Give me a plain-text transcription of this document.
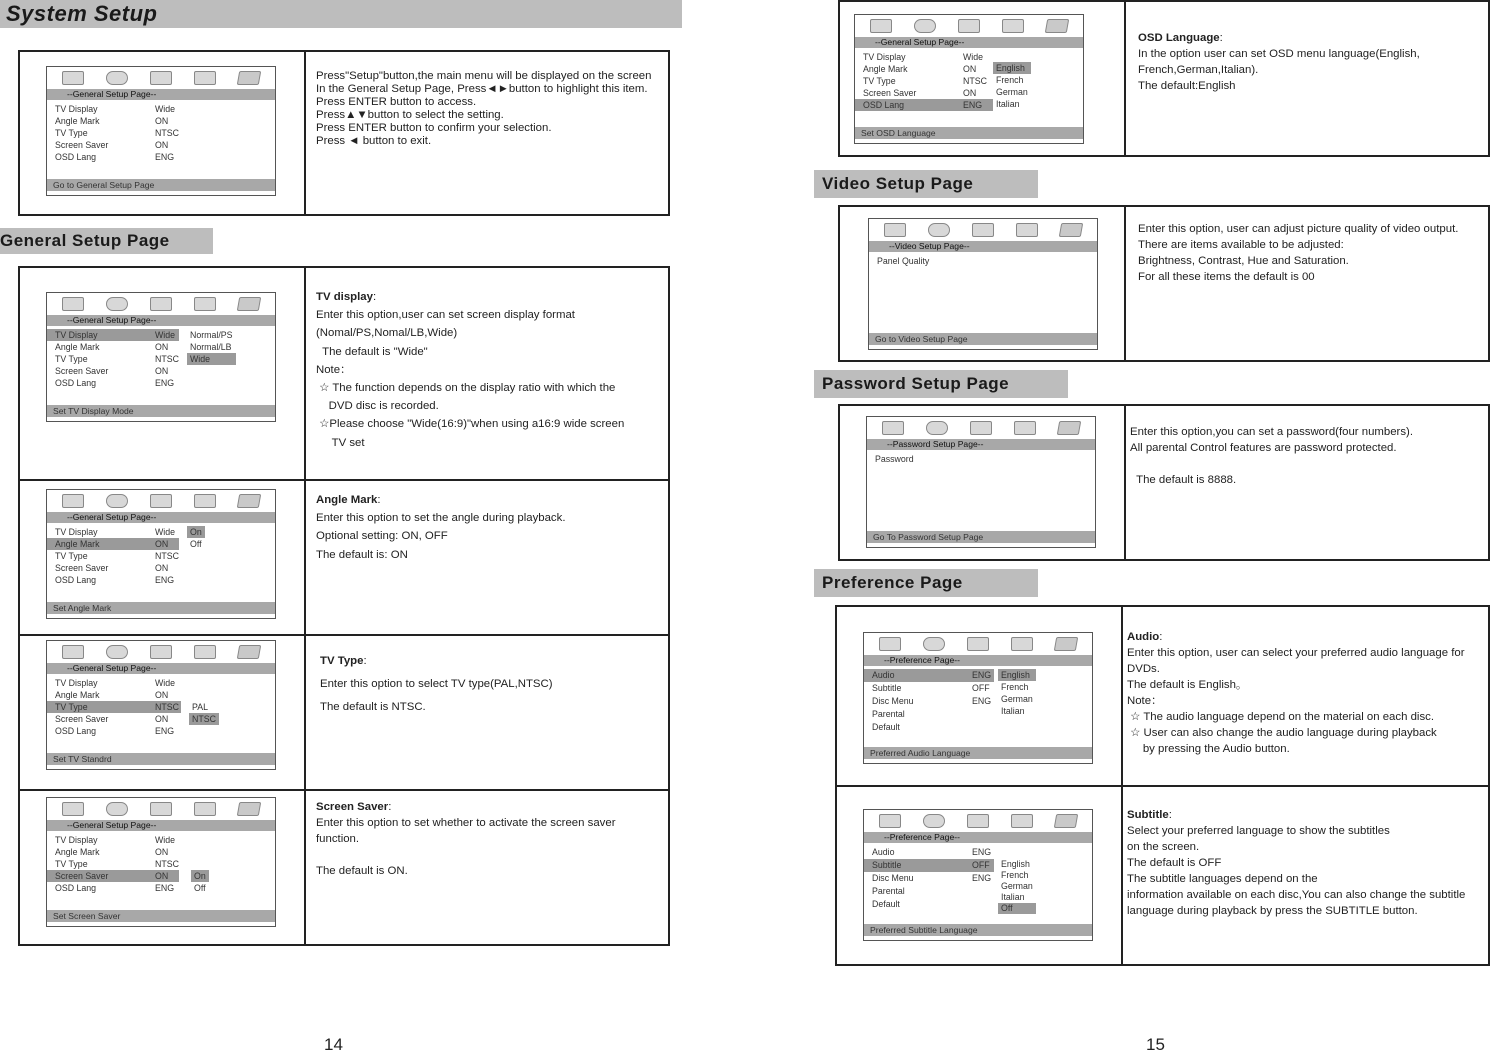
System Setup
--General Setup Page--
TV Display	Wide
Angle Mark	ON
TV Type	NTSC
Screen Saver	ON
OSD Lang	ENG
Go to General Setup Page
Press"Setup"button,the main menu will be displayed on the screen
In the General Setup Page, Press◄►button to highlight this item.
Press ENTER button to access.
Press▲▼button to select the setting.
Press ENTER button to confirm your selection.
Press ◄ button to exit.
General Setup Page
--General Setup Page--
TV Display	Wide
Angle Mark	ON
TV Type	NTSC
Screen Saver	ON
OSD Lang	ENG
Normal/PS
Normal/LB
Wide
Set TV Display Mode
TV display:
Enter this option,user can set screen display format
(Nomal/PS,Nomal/LB,Wide)
The default is "Wide"
Note：
☆ The function depends on the display ratio with which the
DVD disc is recorded.
☆Please choose "Wide(16:9)"when using a16:9 wide screen
TV set
--General Setup Page--
TV Display	Wide
Angle Mark	ON
TV Type	NTSC
Screen Saver	ON
OSD Lang	ENG
On
Off
Set Angle Mark
Angle Mark:
Enter this option to set the angle during playback.
Optional setting: ON, OFF
The default is: ON
--General Setup Page--
TV Display	Wide
Angle Mark	ON
TV Type	NTSC
Screen Saver	ON
OSD Lang	ENG
PAL
NTSC
Set TV Standrd
TV Type:
Enter this option to select TV type(PAL,NTSC)
The default is NTSC.
--General Setup Page--
TV Display	Wide
Angle Mark	ON
TV Type	NTSC
Screen Saver	ON
OSD Lang	ENG
On
Off
Set Screen Saver
Screen Saver:
Enter this option to set whether to activate the screen saver function.
The default is ON.
14
--General Setup Page--
TV Display	Wide
Angle Mark	ON
TV Type	NTSC
Screen Saver	ON
OSD Lang	ENG
English
French
German
Italian
Set OSD Language
OSD Language:
In the option user can set OSD menu language(English, French,German,Italian).
The default:English
Video Setup Page
--Video Setup Page--
Panel Quality
Go to Video Setup Page
Enter this option, user can adjust picture quality of video output. There are items available to be adjusted:
Brightness, Contrast, Hue and Saturation.
For all these items the default is 00
Password Setup Page
--Password Setup Page--
Password
Go To Password Setup Page
Enter this option,you can set a password(four numbers).
All parental Control features are password protected.
The default is 8888.
Preference Page
--Preference Page--
Audio	ENG
Subtitle	OFF
Disc Menu	ENG
Parental
Default
English
French
German
Italian
Preferred Audio Language
Audio:
Enter this option, user can select your preferred audio language for DVDs.
The default is English。
Note：
☆ The audio language depend on the material on each disc.
☆ User can also change the audio language during playback
by pressing the Audio button.
--Preference Page--
Audio	ENG
Subtitle	OFF
Disc Menu	ENG
Parental
Default
English
French
German
Italian
Off
Preferred Subtitle Language
Subtitle:
Select your preferred language to show the subtitles
on the screen.
The default is OFF
The subtitle languages depend on the
information available on each disc,You can also change the subtitle language during playback by press the SUBTITLE button.
15
